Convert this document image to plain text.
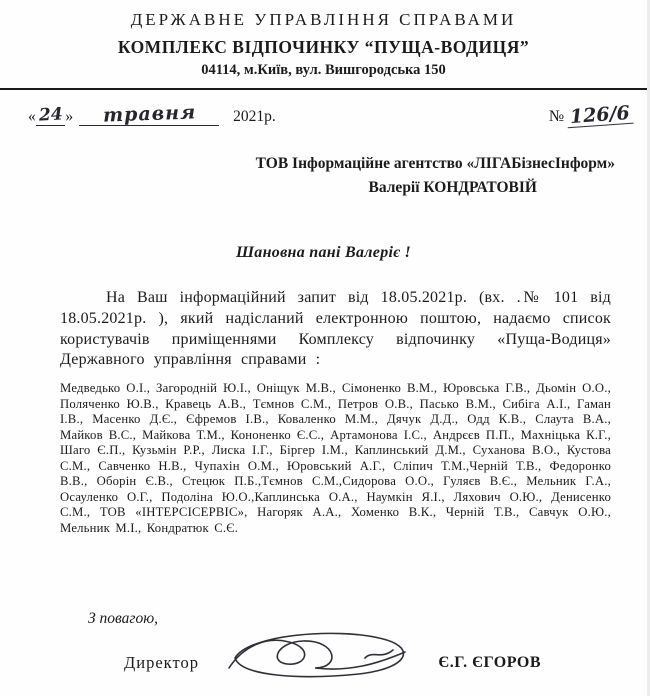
ДЕРЖАВНЕ УПРАВЛІННЯ СПРАВАМИ
КОМПЛЕКС ВІДПОЧИНКУ “ПУЩА-ВОДИЦЯ”
04114, м.Київ, вул. Вишгородська 150
« 24 »	травня	2021р.	№ 126/6
ТОВ Інформаційне агентство «ЛІГАБізнесІнформ»
Валерії КОНДРАТОВІЙ
Шановна пані Валеріє !

На Ваш інформаційний запит від 18.05.2021р. (вх. .№ 101 від 18.05.2021р. ), який надісланий електронною поштою, надаємо список користувачів приміщеннями Комплексу відпочинку «Пуща-Водиця» Державного управління справами :

Медведько О.І., Загородній Ю.І., Оніщук М.В., Сімоненко В.М., Юровська Г.В., Дьомін О.О., Поляченко Ю.В., Кравець А.В., Тємнов С.М., Петров О.В., Пасько В.М., Сибіга А.І., Гаман І.В., Масенко Д.Є., Єфремов І.В., Коваленко М.М., Дячук Д.Д., Одд К.В., Слаута В.А., Майков В.С., Майкова Т.М., Кононенко Є.С., Артамонова І.С., Андрєєв П.П., Махніцька К.Г., Шаго Є.П., Кузьмін Р.Р., Лиска І.Г., Біргер І.М., Каплинський Д.М., Суханова В.О., Кустова С.М., Савченко Н.В., Чупахін О.М., Юровський А.Г., Сліпич Т.М.,Черній Т.В., Федоронко В.В., Оборін Є.В., Стецюк П.Б.,Тємнов С.М.,Сидорова О.О., Гуляєв В.Є., Мельник Г.А., Осауленко О.Г., Подоліна Ю.О.,Каплинська О.А., Наумкін Я.І., Ляхович О.Ю., Денисенко С.М., ТОВ «ІНТЕРСІСЕРВІС», Нагоряк А.А., Хоменко В.К., Черній Т.В., Савчук О.Ю., Мельник М.І., Кондратюк С.Є.

З повагою,
Директор	Є.Г. ЄГОРОВ
